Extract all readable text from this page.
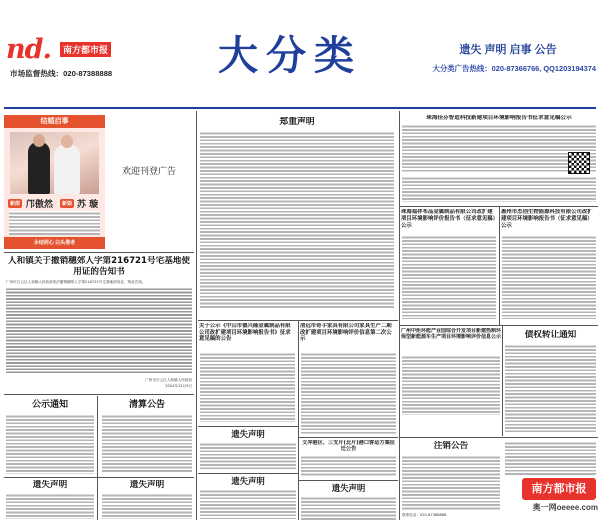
nd.	南方都市报
市场监督热线：020-87388888	大分类	遗失 声明 启事 公告
大分类广告热线：020-87366766, QQ1203194374
结婚启事
新郎 邝傲然	新娘 苏 璇
永结同心 白头偕老
欢迎刊登广告
人和镇关于撤销穗郊人字第216721号宅基地使用证的告知书
广州市白云区人和镇人民政府依法撤销穗郊人字第216721号宅基地使用证，特此告知。
广州市白云区人和镇人民政府
2024年12月9日
公示通知	清算公告
遗失声明	遗失声明
郑重声明
关于公示《中山市德兴隆金属制品有限公司改扩建项目环境影响报告书》征求意见稿的公告
清远市奇手家具有限公司家具生产二期改扩建项目环境影响评价信息第二次公示
遗失声明
遗失声明
文冲港区、三支片(北片)港口客运方案征迁公告
遗失声明
珠海佳芬智造科技新建项目环境影响报告书征求意见稿公示
珠海福祥布品金属制品有限公司改扩建项目环境影响评价报告书（征求意见稿）公示
惠州市杰创生物能源科技有限公司改扩建项目环境影响报告书（征求意见稿）公示
广州中炬环能产业园综合开发项目新建热制环保型新能源车生产项目环境影响评价信息公示	债权转让通知
注销公告
联系电话：020-87388888
南方都市报
奥一网oeeee.com
